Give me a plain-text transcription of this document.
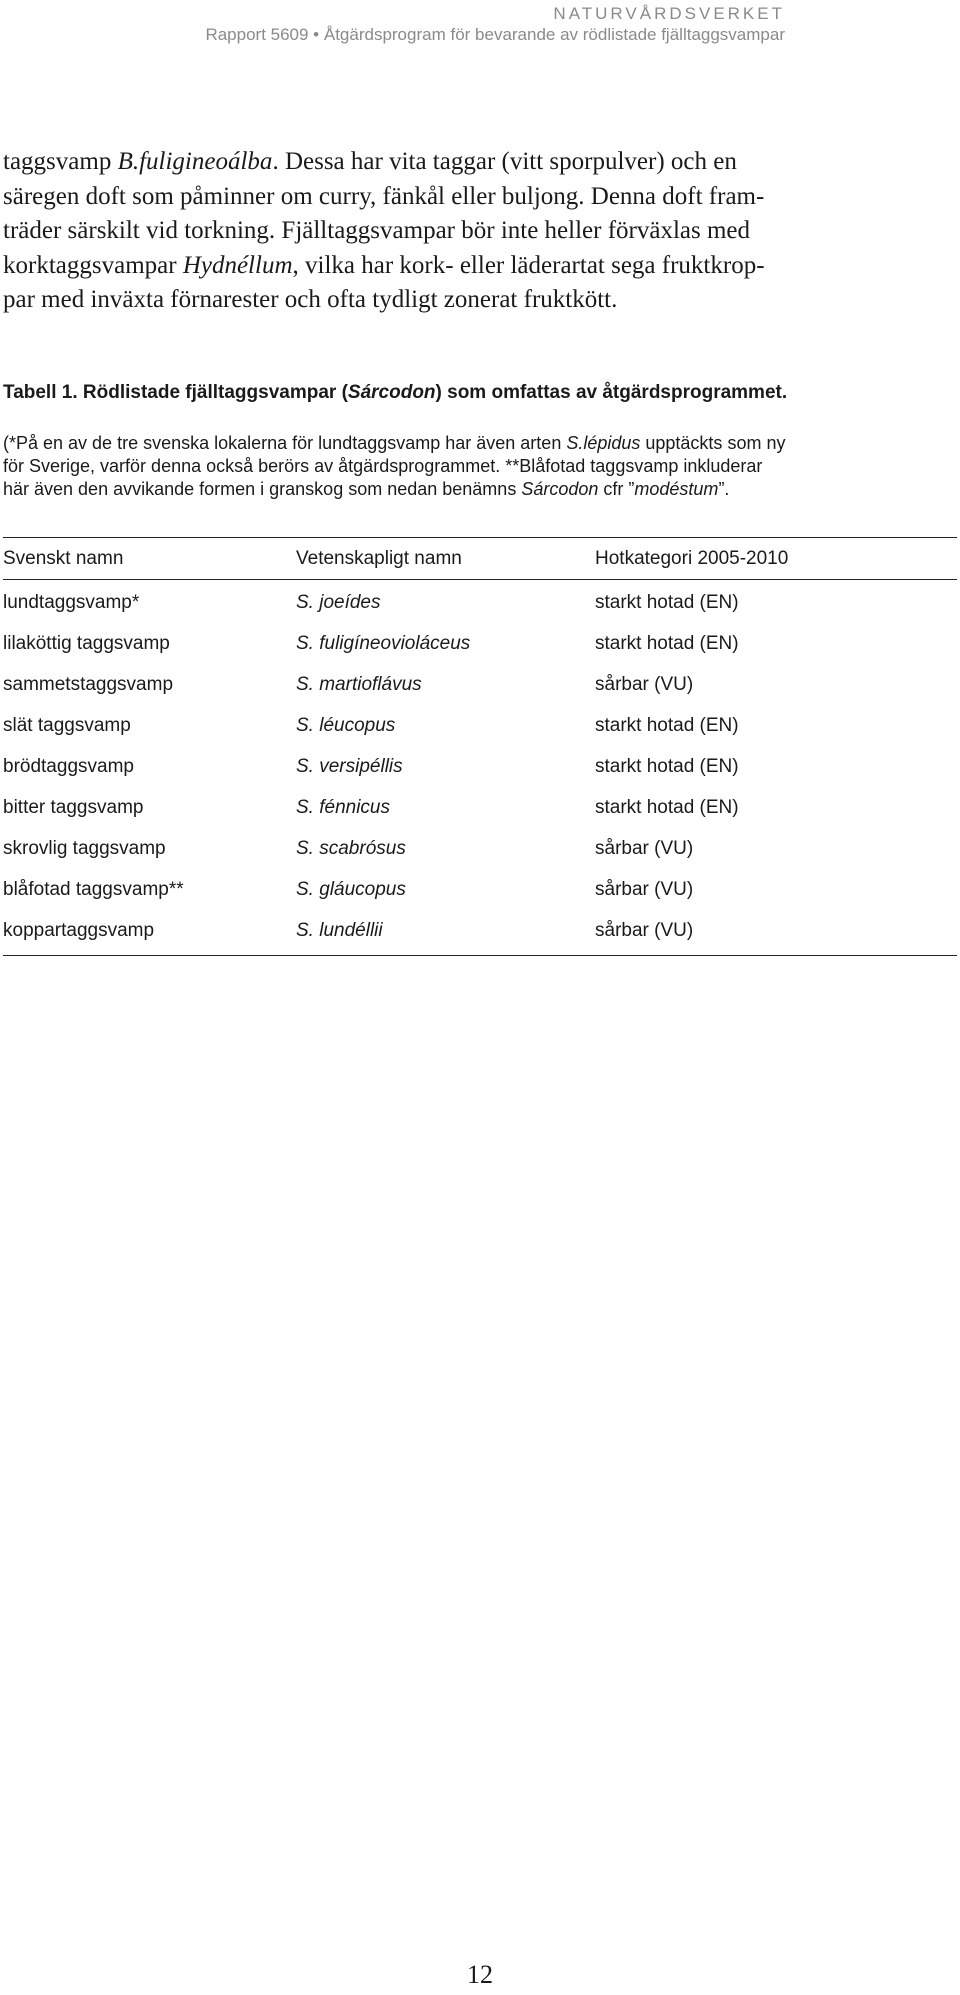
NATURVÅRDSVERKET
Rapport 5609 • Åtgärdsprogram för bevarande av rödlistade fjälltaggsvampar
taggsvamp B.fuligineoálba. Dessa har vita taggar (vitt sporpulver) och en
säregen doft som påminner om curry, fänkål eller buljong. Denna doft fram-
träder särskilt vid torkning. Fjälltaggsvampar bör inte heller förväxlas med
korktaggsvampar Hydnéllum, vilka har kork- eller läderartat sega fruktkrop-
par med inväxta förnarester och ofta tydligt zonerat fruktkött.
Tabell 1. Rödlistade fjälltaggsvampar (Sárcodon) som omfattas av åtgärdsprogrammet.
(*På en av de tre svenska lokalerna för lundtaggsvamp har även arten S.lépidus upptäckts som ny
för Sverige, varför denna också berörs av åtgärdsprogrammet. **Blåfotad taggsvamp inkluderar
här även den avvikande formen i granskog som nedan benämns Sárcodon cfr ”modéstum”.
Svenskt namn	Vetenskapligt namn	Hotkategori 2005-2010
lundtaggsvamp*	S. joeídes	starkt hotad (EN)
lilaköttig taggsvamp	S. fuligíneovioláceus	starkt hotad (EN)
sammetstaggsvamp	S. martioflávus	sårbar (VU)
slät taggsvamp	S. léucopus	starkt hotad (EN)
brödtaggsvamp	S. versipéllis	starkt hotad (EN)
bitter taggsvamp	S. fénnicus	starkt hotad (EN)
skrovlig taggsvamp	S. scabrósus	sårbar (VU)
blåfotad taggsvamp**	S. gláucopus	sårbar (VU)
koppartaggsvamp	S. lundéllii	sårbar (VU)
12
